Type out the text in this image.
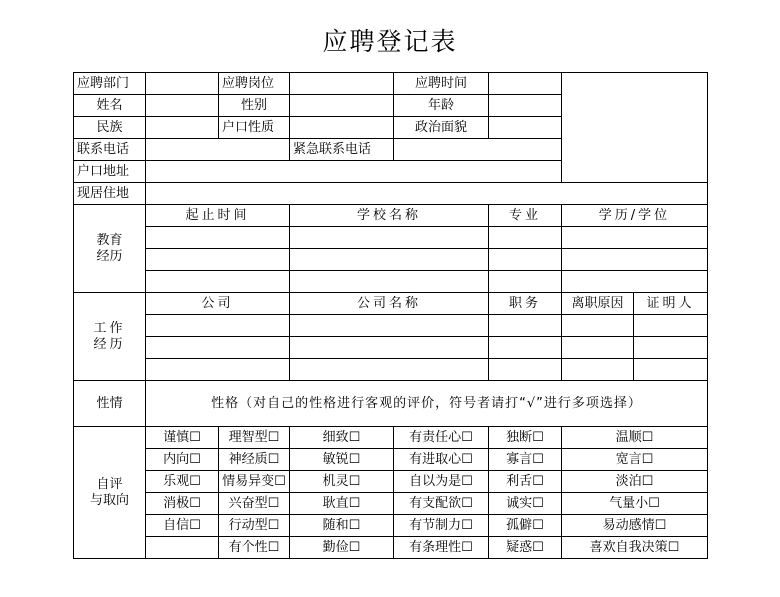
应聘登记表
应聘部门		应聘岗位		应聘时间			
姓名		性别		年龄			
民族		户口性质		政治面貌			
联系电话			紧急联系电话				
户口地址							
现居住地							
教育
经历	起止时间		学校名称		专业	学历/学位	

工作
经历	公司		公司名称		职务	离职原因	证明人

性情	性格（对自己的性格进行客观的评价，符号者请打“√”进行多项选择）						
自评
与取向	谨慎☐	理智型☐	细致☐	有责任心☐	独断☐	温顺☐	
	内向☐	神经质☐	敏锐☐	有进取心☐	寡言☐	宽言☐	
	乐观☐	情易异变☐	机灵☐	自以为是☐	利舌☐	淡泊☐	
	消极☐	兴奋型☐	耿直☐	有支配欲☐	诚实☐	气量小☐	
	自信☐	行动型☐	随和☐	有节制力☐	孤僻☐	易动感情☐	
		有个性☐	勤俭☐	有条理性☐	疑惑☐	喜欢自我决策☐	
